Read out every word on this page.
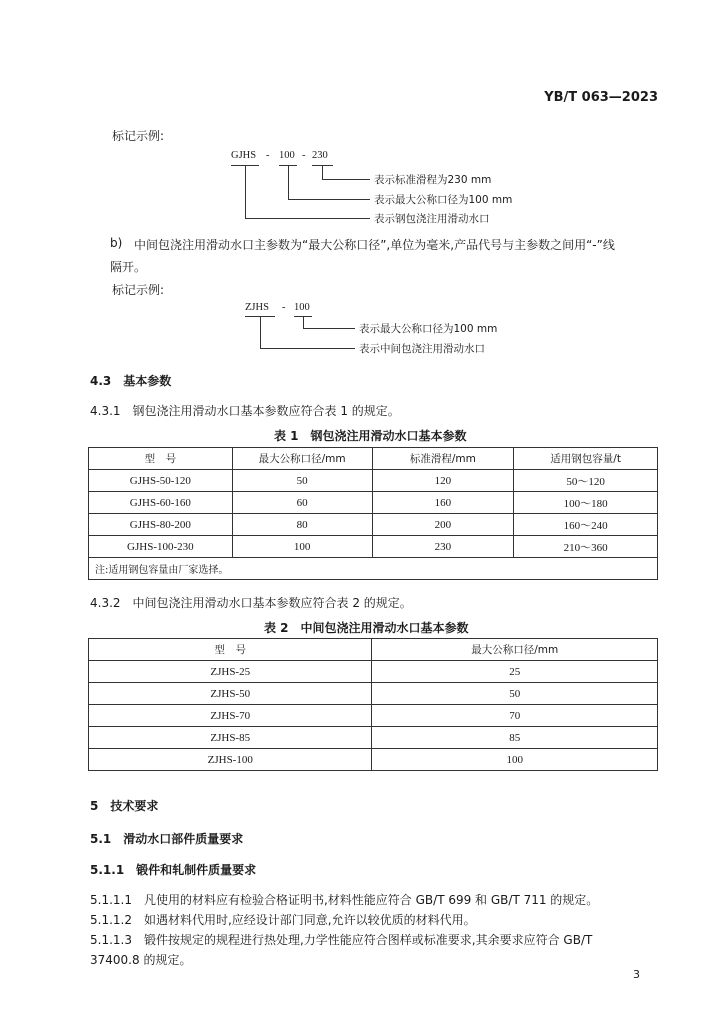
YB/T 063—2023
标记示例:
GJHS - 100 - 230
表示标准滑程为230 mm
表示最大公称口径为100 mm
表示钢包浇注用滑动水口
b) 中间包浇注用滑动水口主参数为“最大公称口径”,单位为毫米,产品代号与主参数之间用“-”线
隔开。
标记示例:
ZJHS - 100
表示最大公称口径为100 mm
表示中间包浇注用滑动水口
4.3　基本参数
4.3.1　钢包浇注用滑动水口基本参数应符合表 1 的规定。
表 1　钢包浇注用滑动水口基本参数
型　号	最大公称口径/mm	标准滑程/mm	适用钢包容量/t
GJHS-50-120	50	120	50～120
GJHS-60-160	60	160	100～180
GJHS-80-200	80	200	160～240
GJHS-100-230	100	230	210～360
注:适用钢包容量由厂家选择。			
4.3.2　中间包浇注用滑动水口基本参数应符合表 2 的规定。
表 2　中间包浇注用滑动水口基本参数
型　号	最大公称口径/mm
ZJHS-25	25
ZJHS-50	50
ZJHS-70	70
ZJHS-85	85
ZJHS-100	100
5　技术要求
5.1　滑动水口部件质量要求
5.1.1　锻件和轧制件质量要求
5.1.1.1　凡使用的材料应有检验合格证明书,材料性能应符合 GB/T 699 和 GB/T 711 的规定。
5.1.1.2　如遇材料代用时,应经设计部门同意,允许以较优质的材料代用。
5.1.1.3　锻件按规定的规程进行热处理,力学性能应符合图样或标准要求,其余要求应符合 GB/T
37400.8 的规定。
3
